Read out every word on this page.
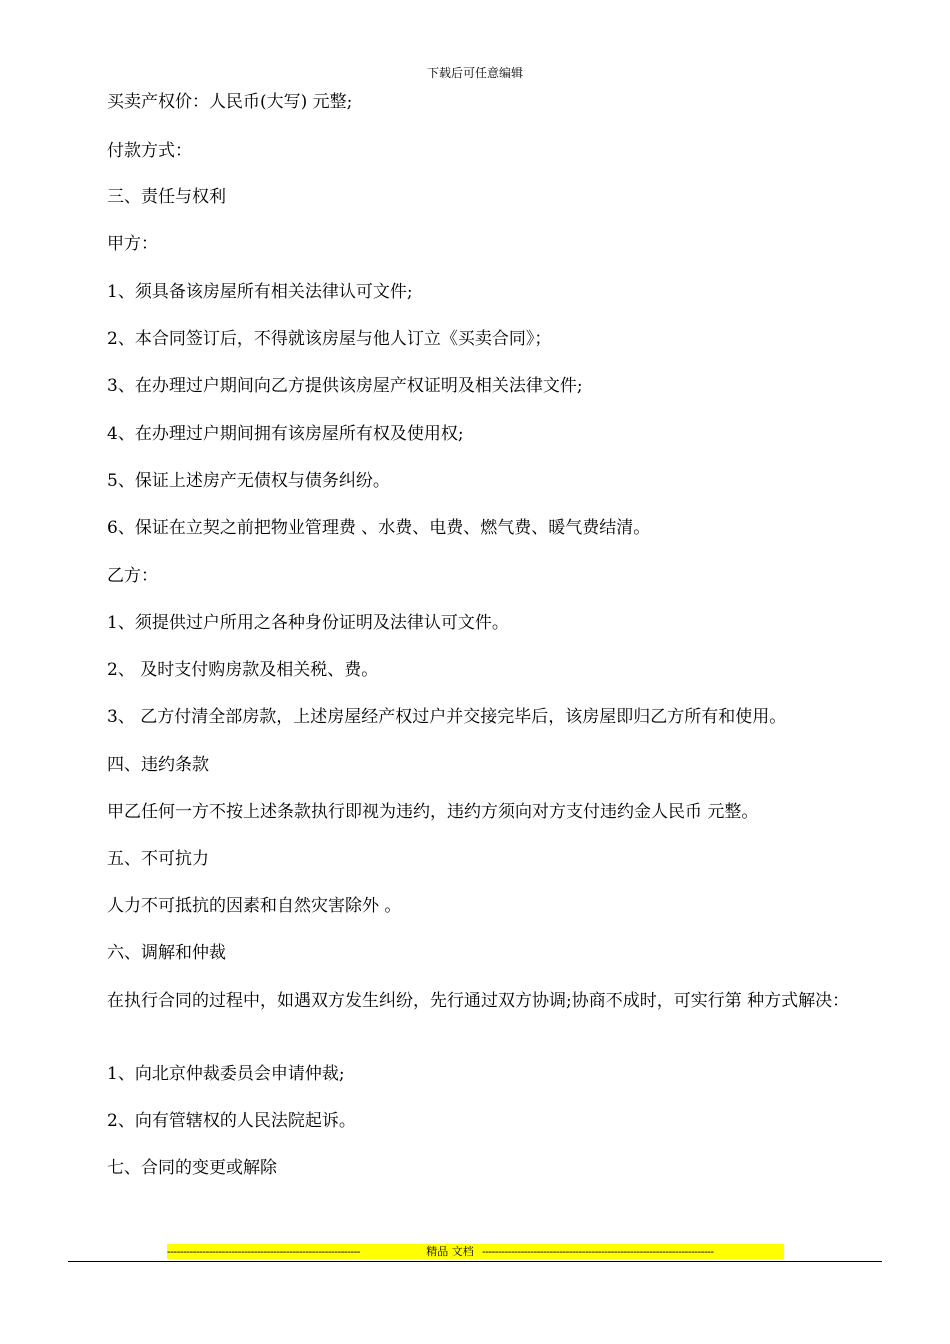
下载后可任意编辑
买卖产权价：人民币(大写) 元整;
付款方式：
三、责任与权利
甲方：
1、须具备该房屋所有相关法律认可文件;
2、本合同签订后，不得就该房屋与他人订立《买卖合同》；
3、在办理过户期间向乙方提供该房屋产权证明及相关法律文件;
4、在办理过户期间拥有该房屋所有权及使用权;
5、保证上述房产无债权与债务纠纷。
6、保证在立契之前把物业管理费 、水费、电费、燃气费、暖气费结清。
乙方：
1、须提供过户所用之各种身份证明及法律认可文件。
2、 及时支付购房款及相关税、费。
3、 乙方付清全部房款，上述房屋经产权过户并交接完毕后，该房屋即归乙方所有和使用。
四、违约条款
甲乙任何一方不按上述条款执行即视为违约，违约方须向对方支付违约金人民币 元整。
五、不可抗力
人力不可抵抗的因素和自然灾害除外 。
六、调解和仲裁
在执行合同的过程中，如遇双方发生纠纷，先行通过双方协调;协商不成时，可实行第 种方式解决：
1、向北京仲裁委员会申请仲裁;
2、向有管辖权的人民法院起诉。
七、合同的变更或解除
------------------------------------------------------------	精品 文档 ------------------------------------------------------------------------
